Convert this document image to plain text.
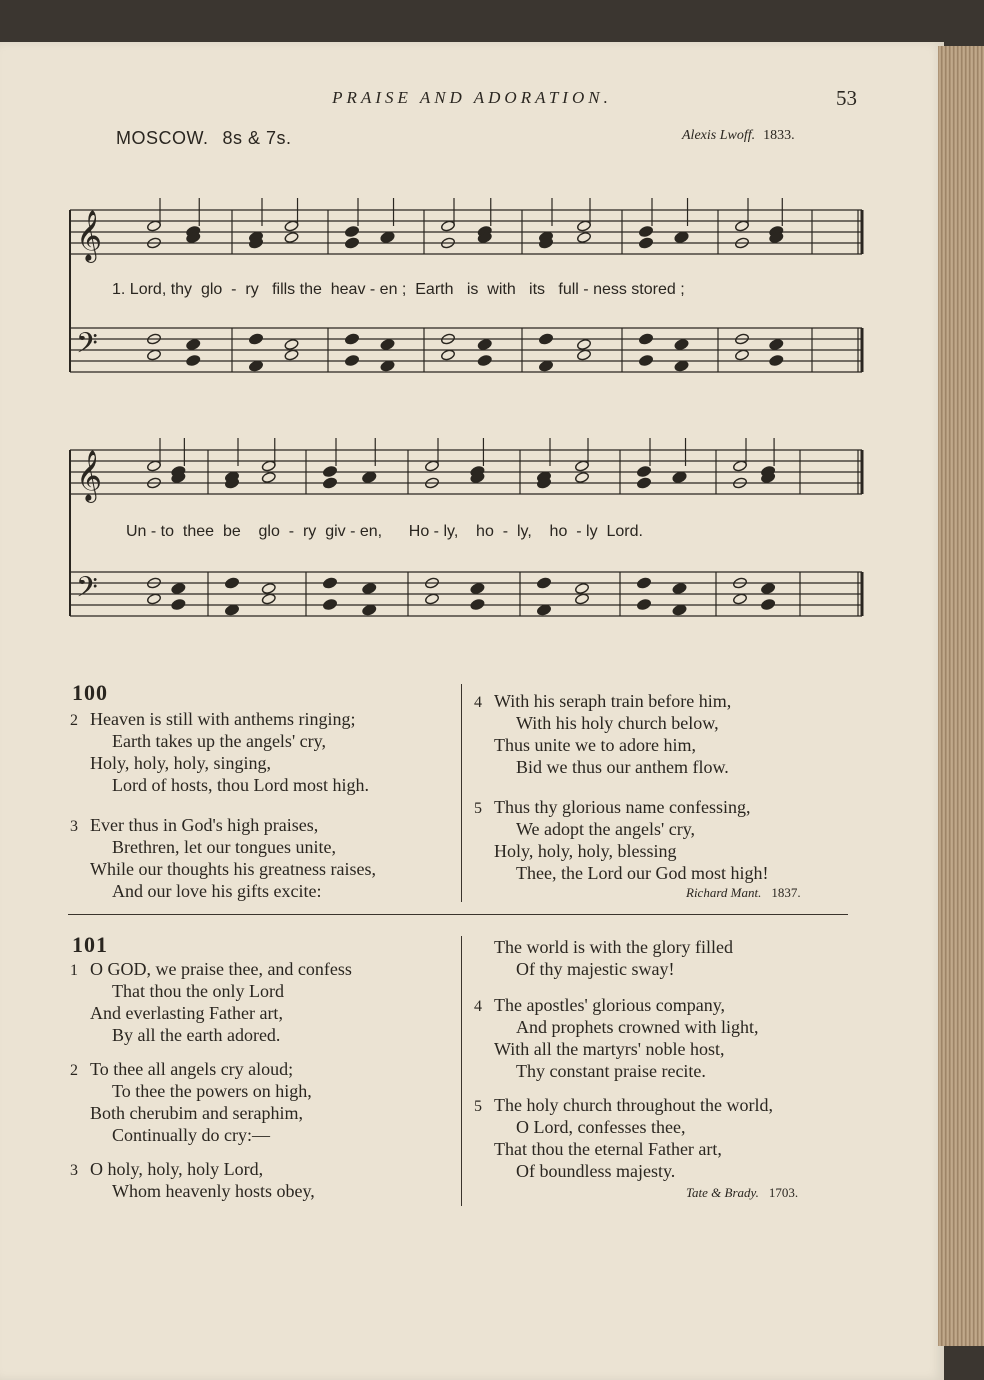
PRAISE AND ADORATION.	53
MOSCOW. 8s & 7s.	Alexis Lwoff. 1833.
𝄞
𝄢
𝄞
𝄢
1. Lord, thy  glo  -  ry   fills the  heav - en ;  Earth   is  with   its   full - ness stored ;
Un - to  thee  be    glo  -  ry  giv - en,      Ho - ly,    ho  -  ly,    ho  - ly  Lord.
100
2 Heaven is still with anthems ringing;
Earth takes up the angels' cry,
Holy, holy, holy, singing,
Lord of hosts, thou Lord most high.
3 Ever thus in God's high praises,
Brethren, let our tongues unite,
While our thoughts his greatness raises,
And our love his gifts excite:
4 With his seraph train before him,
With his holy church below,
Thus unite we to adore him,
Bid we thus our anthem flow.
5 Thus thy glorious name confessing,
We adopt the angels' cry,
Holy, holy, holy, blessing
Thee, the Lord our God most high!
Richard Mant. 1837.
101
1 O GOD, we praise thee, and confess
That thou the only Lord
And everlasting Father art,
By all the earth adored.
2 To thee all angels cry aloud;
To thee the powers on high,
Both cherubim and seraphim,
Continually do cry:—
3 O holy, holy, holy Lord,
Whom heavenly hosts obey,
The world is with the glory filled
Of thy majestic sway!
4 The apostles' glorious company,
And prophets crowned with light,
With all the martyrs' noble host,
Thy constant praise recite.
5 The holy church throughout the world,
O Lord, confesses thee,
That thou the eternal Father art,
Of boundless majesty.
Tate & Brady. 1703.
